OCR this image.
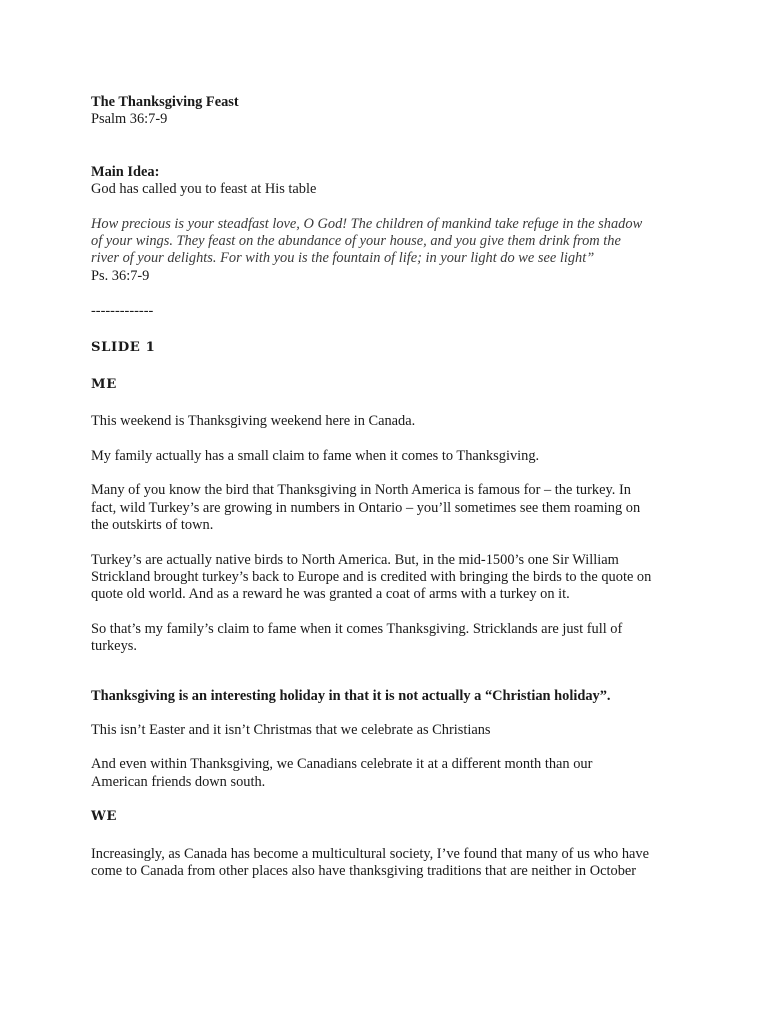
The Thanksgiving Feast

Psalm 36:7-9

Main Idea:

God has called you to feast at His table

How precious is your steadfast love, O God! The children of mankind take refuge in the shadow

of your wings. They feast on the abundance of your house, and you give them drink from the

river of your delights. For with you is the fountain of life; in your light do we see light”

Ps. 36:7-9

-------------

SLIDE 1

ME

This weekend is Thanksgiving weekend here in Canada.

My family actually has a small claim to fame when it comes to Thanksgiving.

Many of you know the bird that Thanksgiving in North America is famous for – the turkey. In

fact, wild Turkey’s are growing in numbers in Ontario – you’ll sometimes see them roaming on

the outskirts of town.

Turkey’s are actually native birds to North America. But, in the mid-1500’s one Sir William

Strickland brought turkey’s back to Europe and is credited with bringing the birds to the quote on

quote old world. And as a reward he was granted a coat of arms with a turkey on it.

So that’s my family’s claim to fame when it comes Thanksgiving. Stricklands are just full of

turkeys.

Thanksgiving is an interesting holiday in that it is not actually a “Christian holiday”.

This isn’t Easter and it isn’t Christmas that we celebrate as Christians

And even within Thanksgiving, we Canadians celebrate it at a different month than our

American friends down south.

WE

Increasingly, as Canada has become a multicultural society, I’ve found that many of us who have

come to Canada from other places also have thanksgiving traditions that are neither in October
